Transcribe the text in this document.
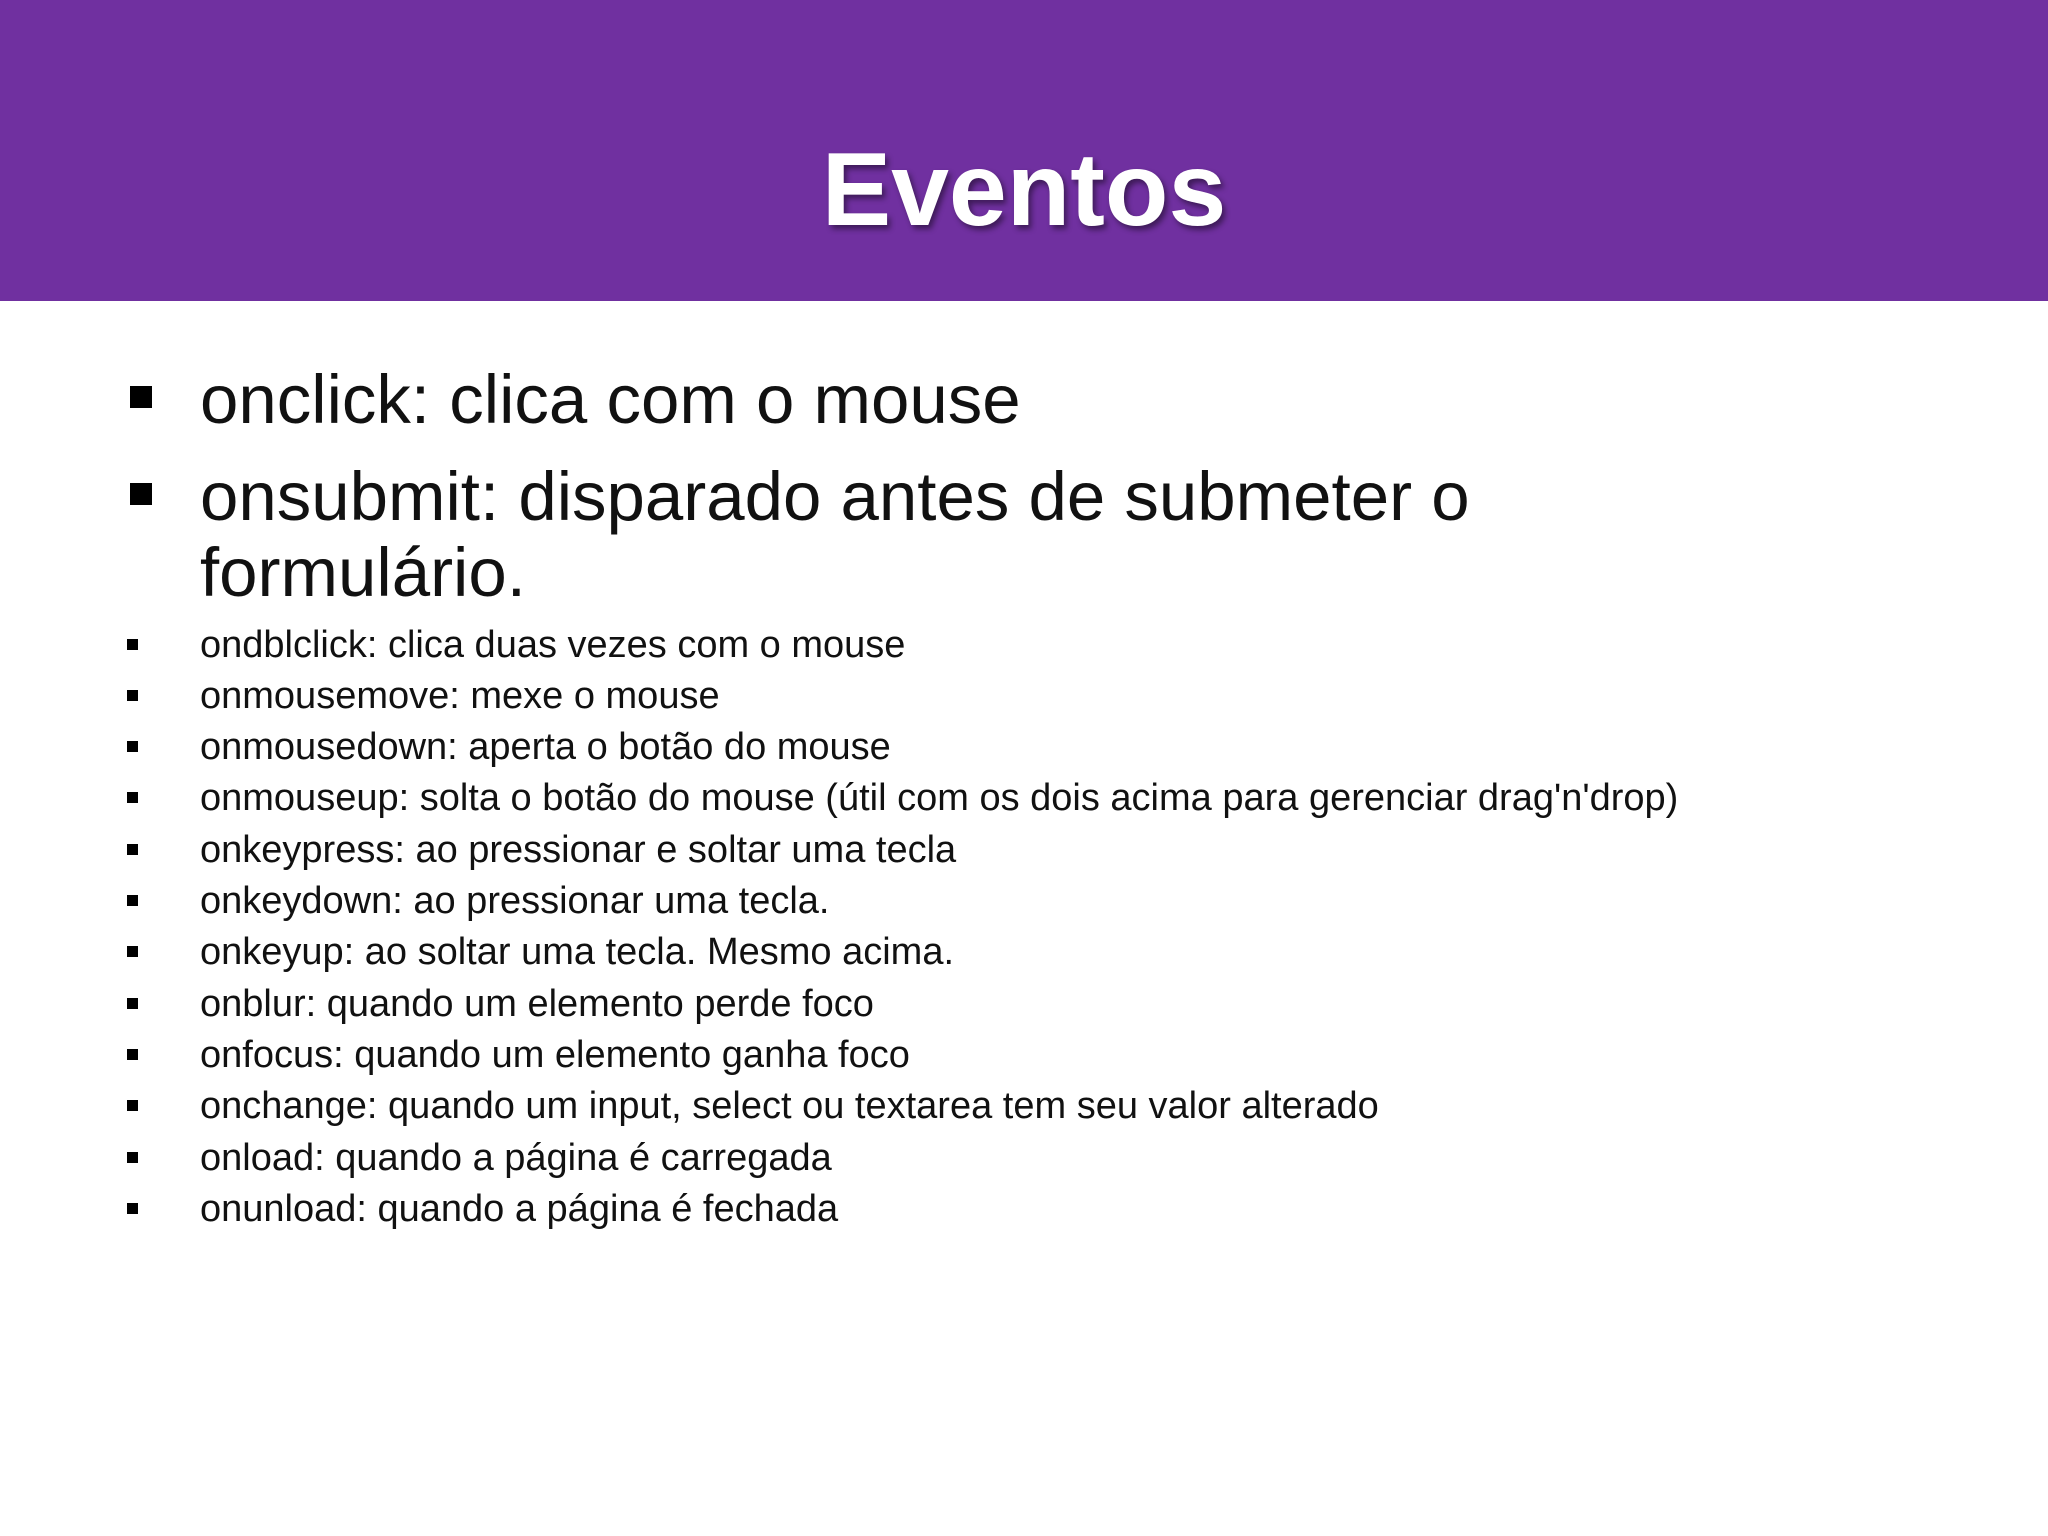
Eventos

onclick: clica com o mouse

onsubmit: disparado antes de submeter o formulário.

ondblclick: clica duas vezes com o mouse

onmousemove: mexe o mouse

onmousedown: aperta o botão do mouse

onmouseup: solta o botão do mouse (útil com os dois acima para gerenciar drag'n'drop)

onkeypress: ao pressionar e soltar uma tecla

onkeydown: ao pressionar uma tecla.

onkeyup: ao soltar uma tecla. Mesmo acima.

onblur: quando um elemento perde foco

onfocus: quando um elemento ganha foco

onchange: quando um input, select ou textarea tem seu valor alterado

onload: quando a página é carregada

onunload: quando a página é fechada
